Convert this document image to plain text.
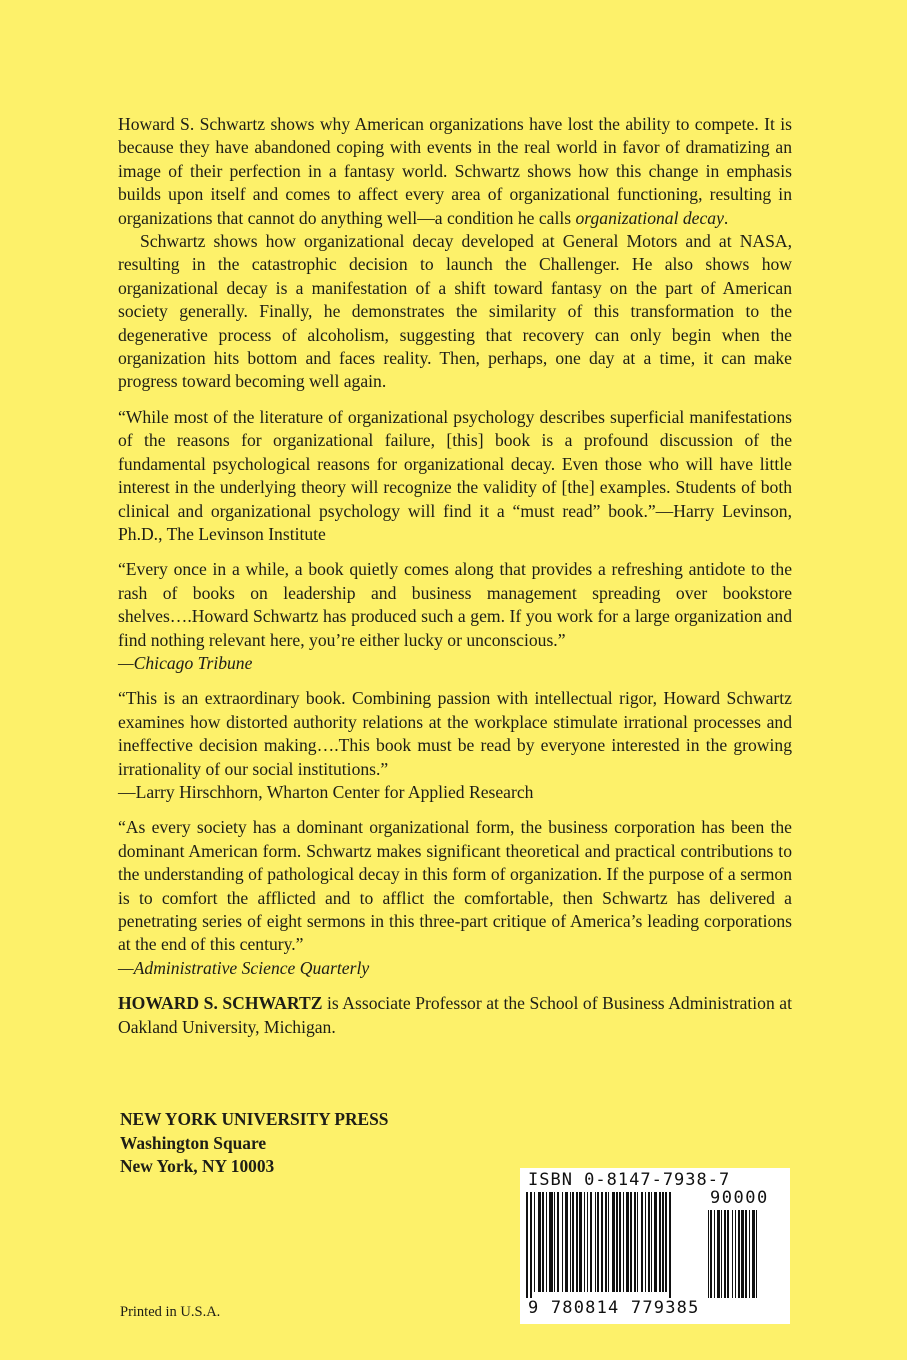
Howard S. Schwartz shows why American organizations have lost the ability to compete. It is because they have abandoned coping with events in the real world in favor of dramatizing an image of their perfection in a fantasy world. Schwartz shows how this change in emphasis builds upon itself and comes to affect every area of organizational functioning, resulting in organizations that cannot do anything well—a condition he calls organizational decay.

Schwartz shows how organizational decay developed at General Motors and at NASA, resulting in the catastrophic decision to launch the Challenger. He also shows how organizational decay is a manifestation of a shift toward fantasy on the part of American society generally. Finally, he demonstrates the similarity of this transformation to the degenerative process of alcoholism, suggesting that recovery can only begin when the organization hits bottom and faces reality. Then, perhaps, one day at a time, it can make progress toward becoming well again.

“While most of the literature of organizational psychology describes superficial manifestations of the reasons for organizational failure, [this] book is a profound discussion of the fundamental psychological reasons for organizational decay. Even those who will have little interest in the underlying theory will recognize the validity of [the] examples. Students of both clinical and organizational psychology will find it a “must read” book.”—Harry Levinson, Ph.D., The Levinson Institute

“Every once in a while, a book quietly comes along that provides a refreshing antidote to the rash of books on leadership and business management spreading over bookstore shelves….Howard Schwartz has produced such a gem. If you work for a large organization and find nothing relevant here, you’re either lucky or unconscious.”
—Chicago Tribune

“This is an extraordinary book. Combining passion with intellectual rigor, Howard Schwartz examines how distorted authority relations at the workplace stimulate irrational processes and ineffective decision making….This book must be read by everyone interested in the growing irrationality of our social institutions.”
—Larry Hirschhorn, Wharton Center for Applied Research

“As every society has a dominant organizational form, the business corporation has been the dominant American form. Schwartz makes significant theoretical and practical contributions to the understanding of pathological decay in this form of organization. If the purpose of a sermon is to comfort the afflicted and to afflict the comfortable, then Schwartz has delivered a penetrating series of eight sermons in this three-part critique of America’s leading corporations at the end of this century.”
—Administrative Science Quarterly

HOWARD S. SCHWARTZ is Associate Professor at the School of Business Administration at Oakland University, Michigan.

NEW YORK UNIVERSITY PRESS
Washington Square
New York, NY 10003
Printed in U.S.A.
ISBN 0-8147-7938-7
90000
9 780814 779385
